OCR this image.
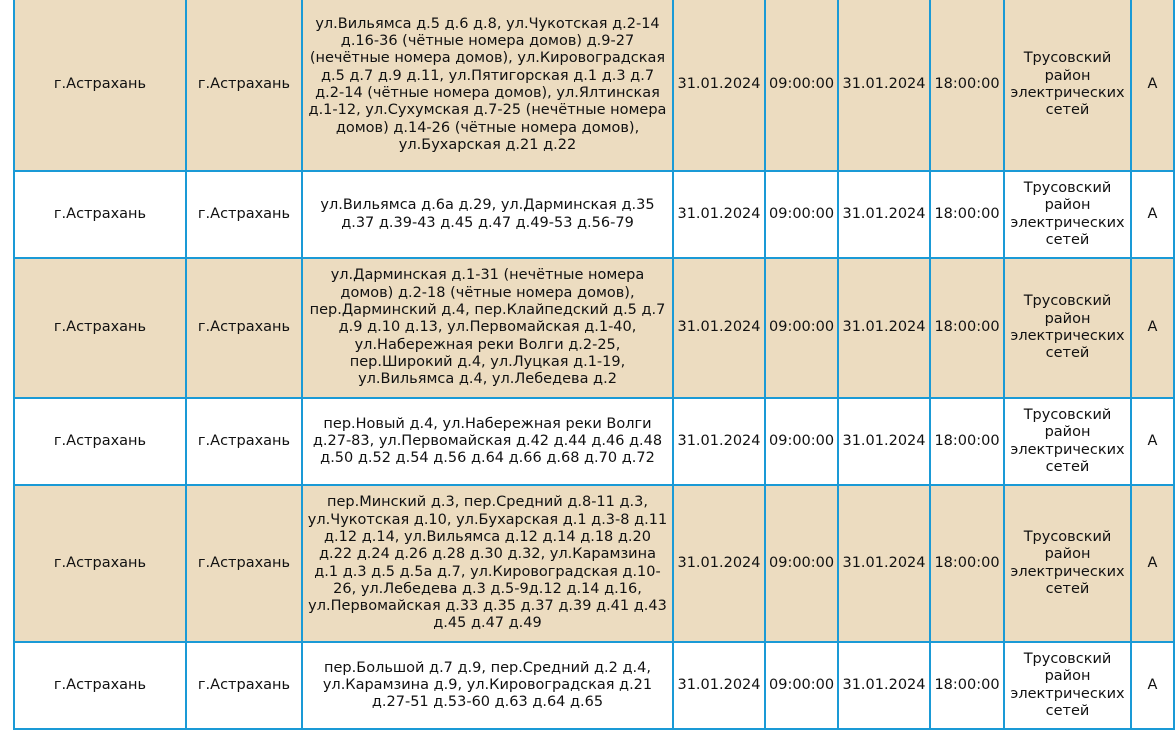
г.Астрахань	г.Астрахань	ул.Вильямса д.5 д.6 д.8, ул.Чукотская д.2-14 д.16-36 (чётные номера домов) д.9-27 (нечётные номера домов), ул.Кировоградская д.5 д.7 д.9 д.11, ул.Пятигорская д.1 д.3 д.7 д.2-14 (чётные номера домов), ул.Ялтинская д.1-12, ул.Сухумская д.7-25 (нечётные номера домов) д.14-26 (чётные номера домов), ул.Бухарская д.21 д.22	31.01.2024	09:00:00	31.01.2024	18:00:00	Трусовский район электрических сетей	А
г.Астрахань	г.Астрахань	ул.Вильямса д.6а д.29, ул.Дарминская д.35 д.37 д.39-43 д.45 д.47 д.49-53 д.56-79	31.01.2024	09:00:00	31.01.2024	18:00:00	Трусовский район электрических сетей	А
г.Астрахань	г.Астрахань	ул.Дарминская д.1-31 (нечётные номера домов) д.2-18 (чётные номера домов), пер.Дарминский д.4, пер.Клайпедский д.5 д.7 д.9 д.10 д.13, ул.Первомайская д.1-40, ул.Набережная реки Волги д.2-25, пер.Широкий д.4, ул.Луцкая д.1-19, ул.Вильямса д.4, ул.Лебедева д.2	31.01.2024	09:00:00	31.01.2024	18:00:00	Трусовский район электрических сетей	А
г.Астрахань	г.Астрахань	пер.Новый д.4, ул.Набережная реки Волги д.27-83, ул.Первомайская д.42 д.44 д.46 д.48 д.50 д.52 д.54 д.56 д.64 д.66 д.68 д.70 д.72	31.01.2024	09:00:00	31.01.2024	18:00:00	Трусовский район электрических сетей	А
г.Астрахань	г.Астрахань	пер.Минский д.3, пер.Средний д.8-11 д.3, ул.Чукотская д.10, ул.Бухарская д.1 д.3-8 д.11 д.12 д.14, ул.Вильямса д.12 д.14 д.18 д.20 д.22 д.24 д.26 д.28 д.30 д.32, ул.Карамзина д.1 д.3 д.5 д.5а д.7, ул.Кировоградская д.10-26, ул.Лебедева д.3 д.5-9д.12 д.14 д.16, ул.Первомайская д.33 д.35 д.37 д.39 д.41 д.43 д.45 д.47 д.49	31.01.2024	09:00:00	31.01.2024	18:00:00	Трусовский район электрических сетей	А
г.Астрахань	г.Астрахань	пер.Большой д.7 д.9, пер.Средний д.2 д.4, ул.Карамзина д.9, ул.Кировоградская д.21 д.27-51 д.53-60 д.63 д.64 д.65	31.01.2024	09:00:00	31.01.2024	18:00:00	Трусовский район электрических сетей	А
